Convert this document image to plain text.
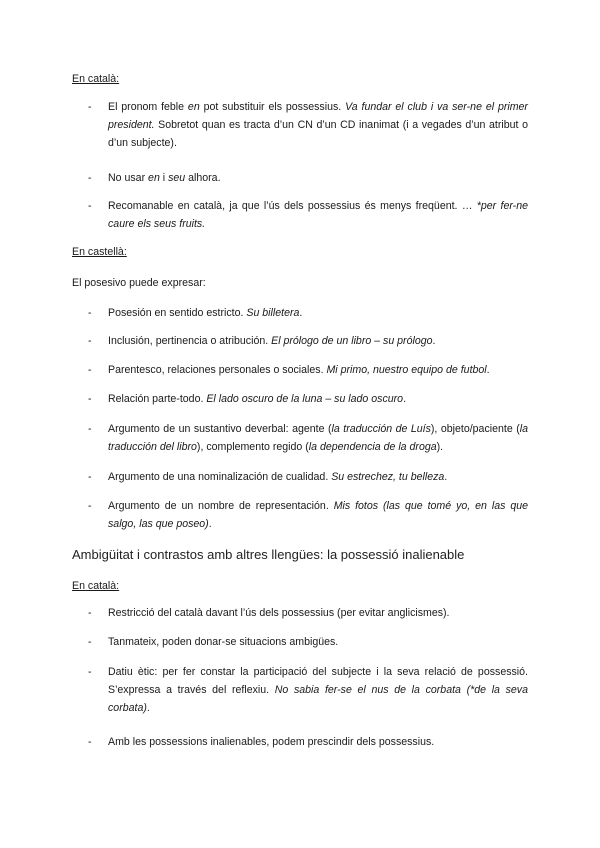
En català:
- El pronom feble en pot substituir els possessius. Va fundar el club i va ser-ne el primer president. Sobretot quan es tracta d’un CN d’un CD inanimat (i a vegades d’un atribut o d’un subjecte).
- No usar en i seu alhora.
- Recomanable en català, ja que l’ús dels possessius és menys freqüent. … *per fer-ne caure els seus fruits.
En castellà:
El posesivo puede expresar:
- Posesión en sentido estricto. Su billetera.
- Inclusión, pertinencia o atribución. El prólogo de un libro – su prólogo.
- Parentesco, relaciones personales o sociales. Mi primo, nuestro equipo de futbol.
- Relación parte-todo. El lado oscuro de la luna – su lado oscuro.
- Argumento de un sustantivo deverbal: agente (la traducción de Luís), objeto/paciente (la traducción del libro), complemento regido (la dependencia de la droga).
- Argumento de una nominalización de cualidad. Su estrechez, tu belleza.
- Argumento de un nombre de representación. Mis fotos (las que tomé yo, en las que salgo, las que poseo).
Ambigüitat i contrastos amb altres llengües: la possessió inalienable
En català:
- Restricció del català davant l’ús dels possessius (per evitar anglicismes).
- Tanmateix, poden donar-se situacions ambigües.
- Datiu ètic: per fer constar la participació del subjecte i la seva relació de possessió. S’expressa a través del reflexiu. No sabia fer-se el nus de la corbata (*de la seva corbata).
- Amb les possessions inalienables, podem prescindir dels possessius.
